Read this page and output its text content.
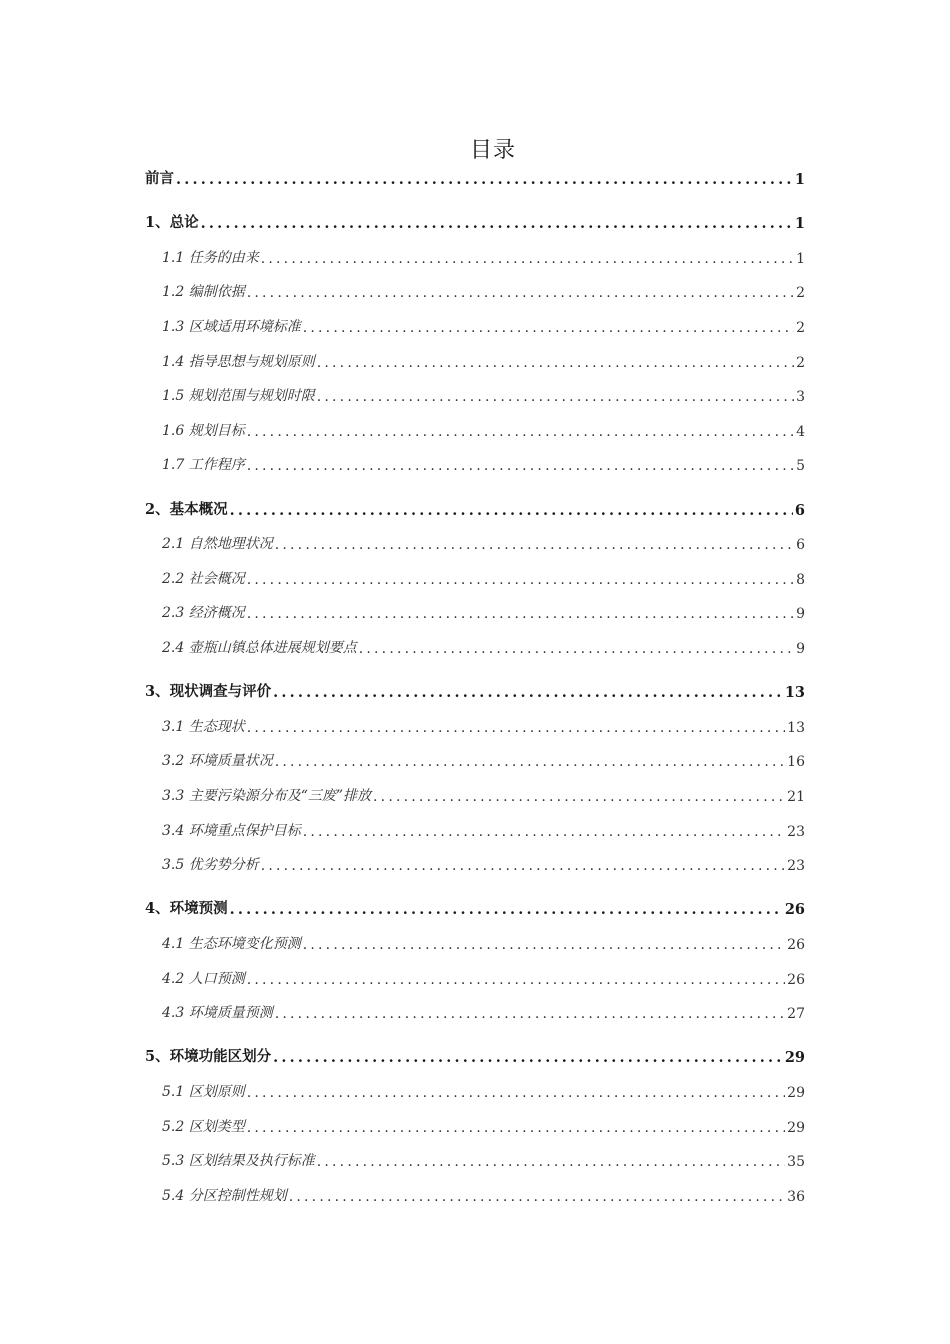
目录
前言 .....	1
1、总论 .....	1
1.1 任务的由来 .....	1
1.2 编制依据 .....	2
1.3 区域适用环境标准 .....	2
1.4 指导思想与规划原则 .....	2
1.5 规划范围与规划时限 .....	3
1.6 规划目标 .....	4
1.7 工作程序 .....	5
2、基本概况 .....	6
2.1 自然地理状况 .....	6
2.2 社会概况 .....	8
2.3 经济概况 .....	9
2.4 壶瓶山镇总体进展规划要点 .....	9
3、现状调查与评价 .....	13
3.1 生态现状 .....	13
3.2 环境质量状况 .....	16
3.3 主要污染源分布及“三废”排放 .....	21
3.4 环境重点保护目标 .....	23
3.5 优劣势分析 .....	23
4、环境预测 .....	26
4.1 生态环境变化预测 .....	26
4.2 人口预测 .....	26
4.3 环境质量预测 .....	27
5、环境功能区划分 .....	29
5.1 区划原则 .....	29
5.2 区划类型 .....	29
5.3 区划结果及执行标准 .....	35
5.4 分区控制性规划 .....	36
